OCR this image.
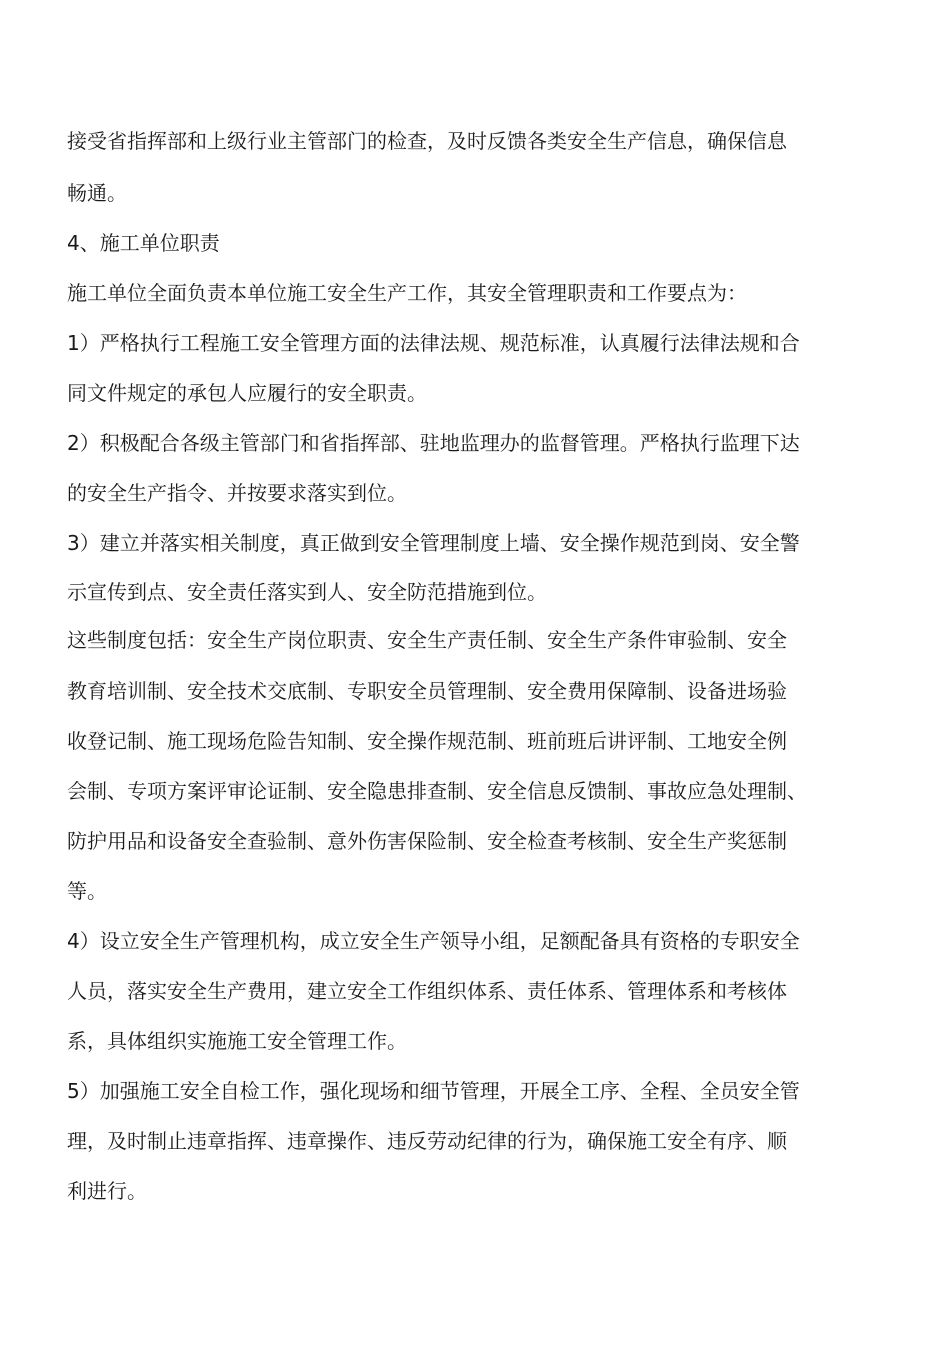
接受省指挥部和上级行业主管部门的检查，及时反馈各类安全生产信息，确保信息
畅通。
4、施工单位职责
施工单位全面负责本单位施工安全生产工作，其安全管理职责和工作要点为：
1）严格执行工程施工安全管理方面的法律法规、规范标准，认真履行法律法规和合
同文件规定的承包人应履行的安全职责。
2）积极配合各级主管部门和省指挥部、驻地监理办的监督管理。严格执行监理下达
的安全生产指令、并按要求落实到位。
3）建立并落实相关制度，真正做到安全管理制度上墙、安全操作规范到岗、安全警
示宣传到点、安全责任落实到人、安全防范措施到位。
这些制度包括：安全生产岗位职责、安全生产责任制、安全生产条件审验制、安全
教育培训制、安全技术交底制、专职安全员管理制、安全费用保障制、设备进场验
收登记制、施工现场危险告知制、安全操作规范制、班前班后讲评制、工地安全例
会制、专项方案评审论证制、安全隐患排查制、安全信息反馈制、事故应急处理制、
防护用品和设备安全查验制、意外伤害保险制、安全检查考核制、安全生产奖惩制
等。
4）设立安全生产管理机构，成立安全生产领导小组，足额配备具有资格的专职安全
人员，落实安全生产费用，建立安全工作组织体系、责任体系、管理体系和考核体
系，具体组织实施施工安全管理工作。
5）加强施工安全自检工作，强化现场和细节管理，开展全工序、全程、全员安全管
理，及时制止违章指挥、违章操作、违反劳动纪律的行为，确保施工安全有序、顺
利进行。
